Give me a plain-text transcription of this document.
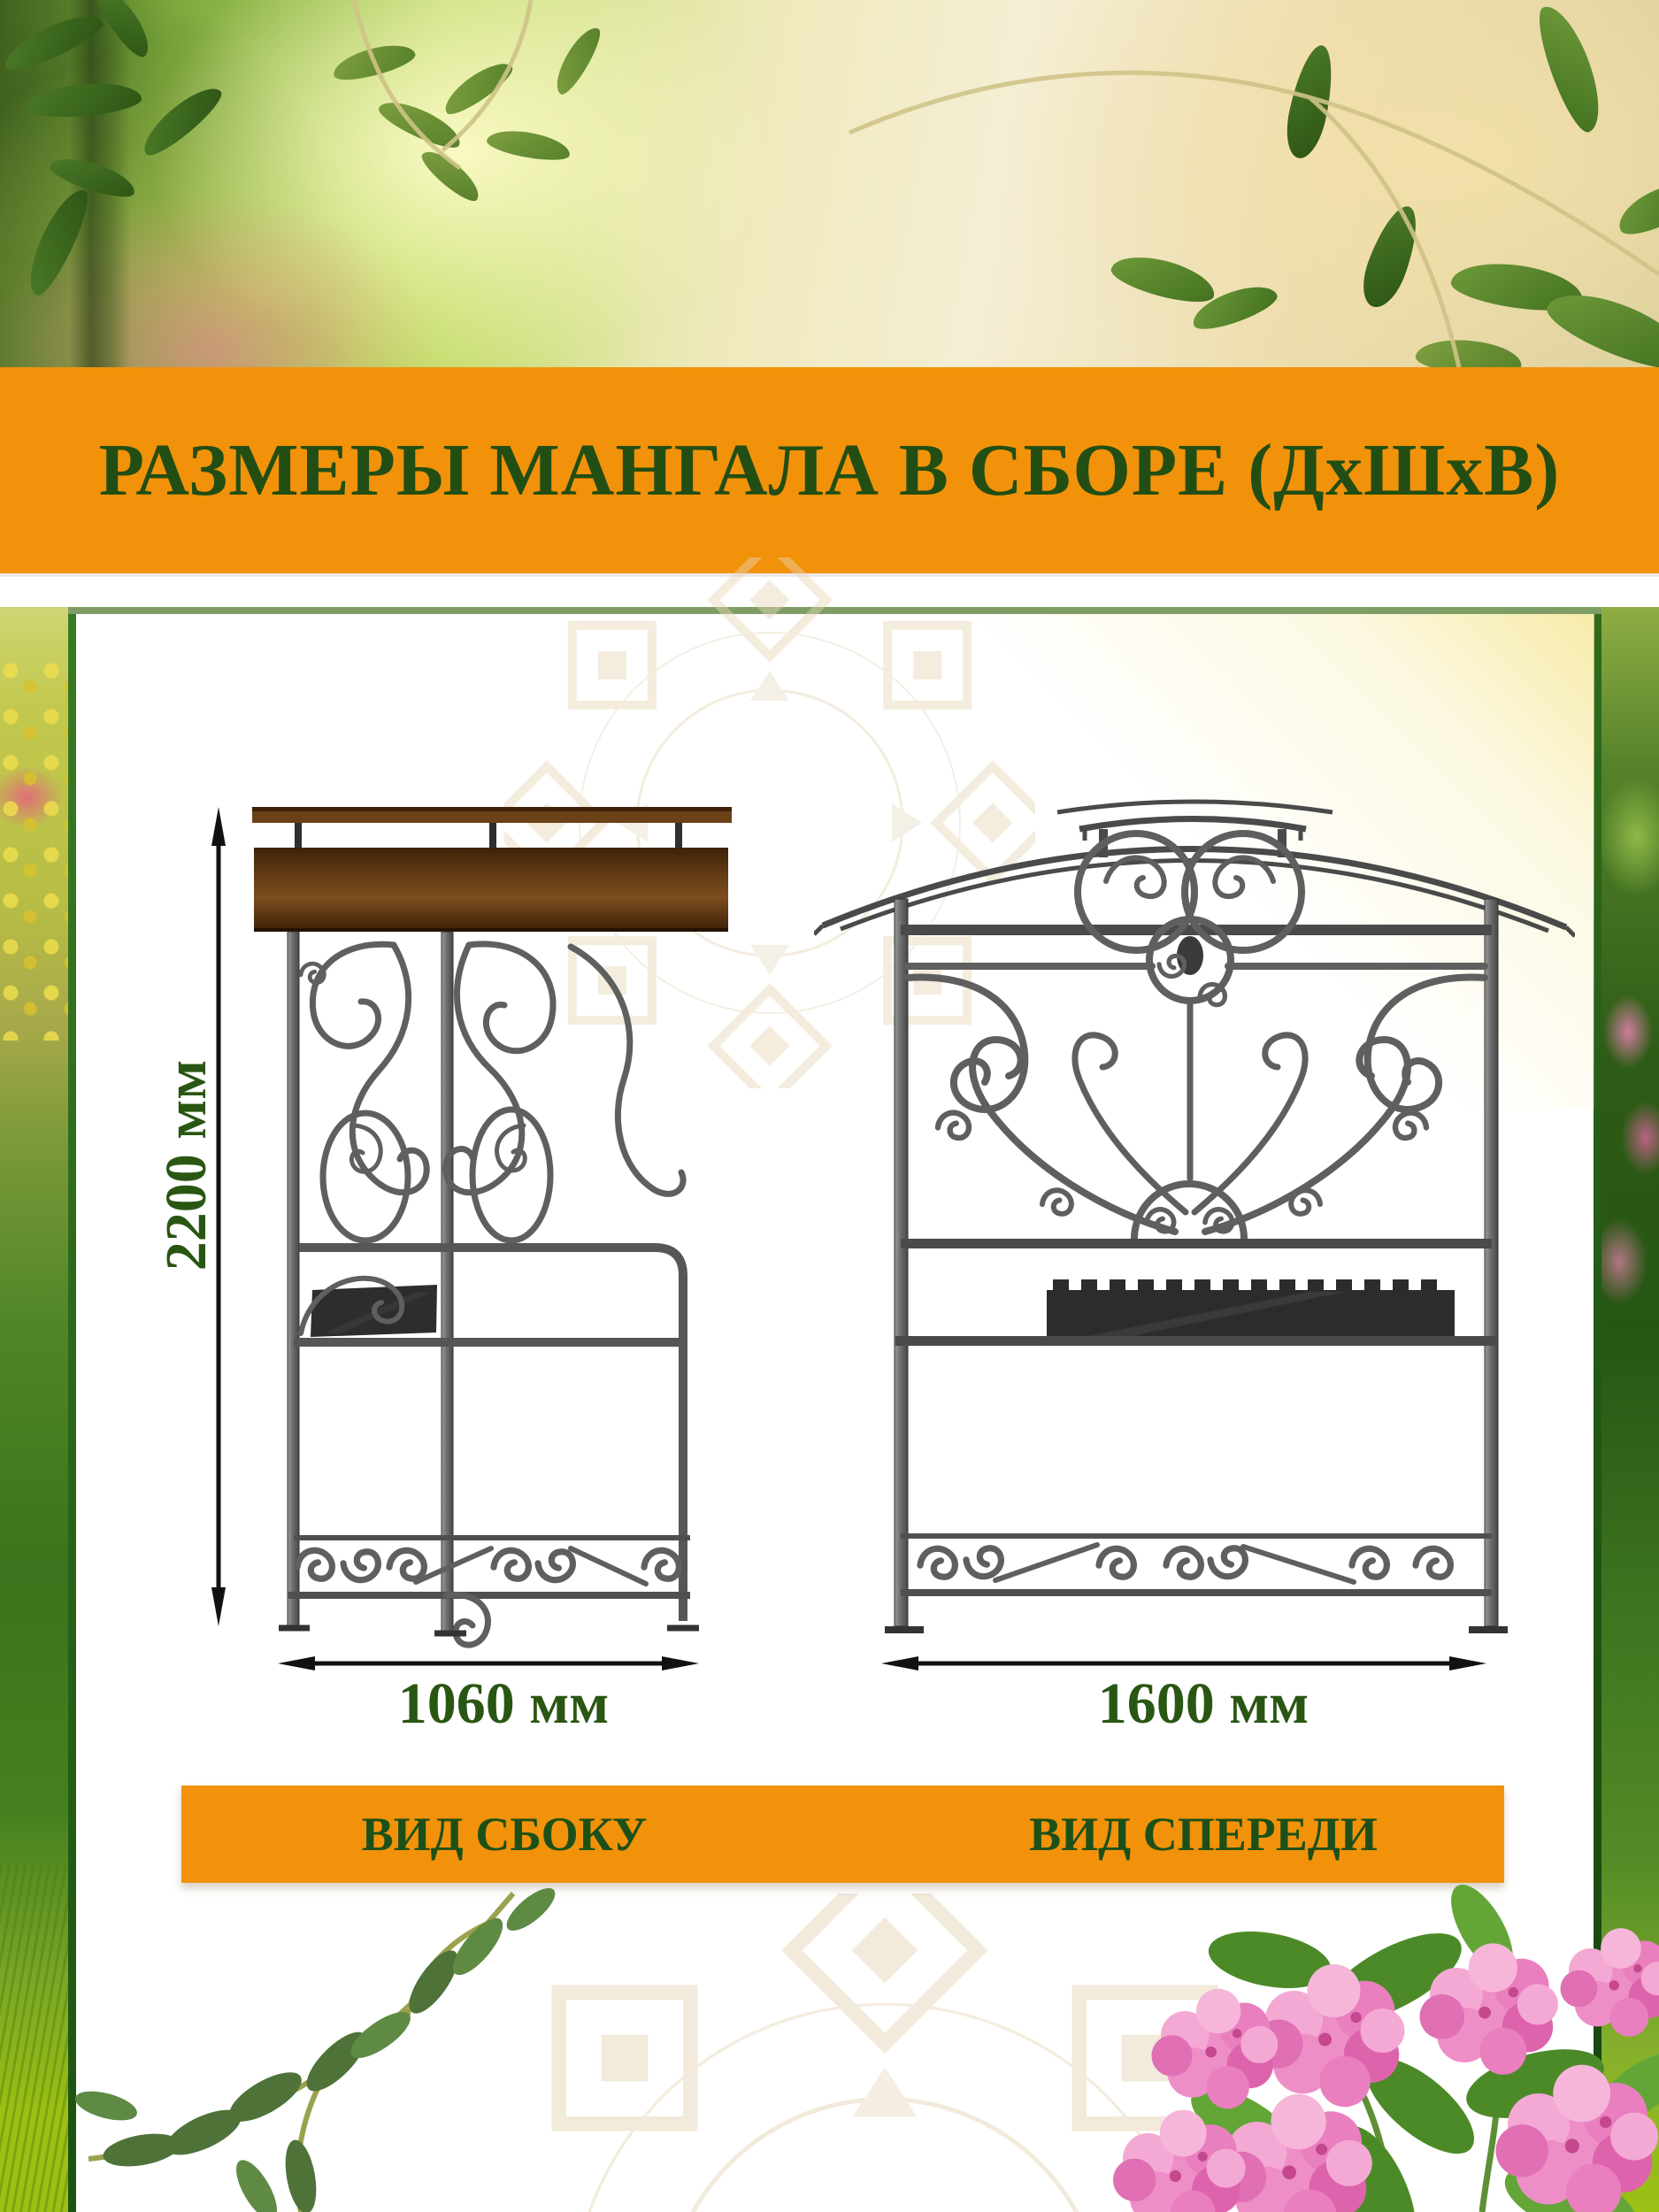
РАЗМЕРЫ МАНГАЛА В СБОРЕ (ДхШхВ)
2200 мм
1060 мм	1600 мм
ВИД СБОКУ	ВИД СПЕРЕДИ
